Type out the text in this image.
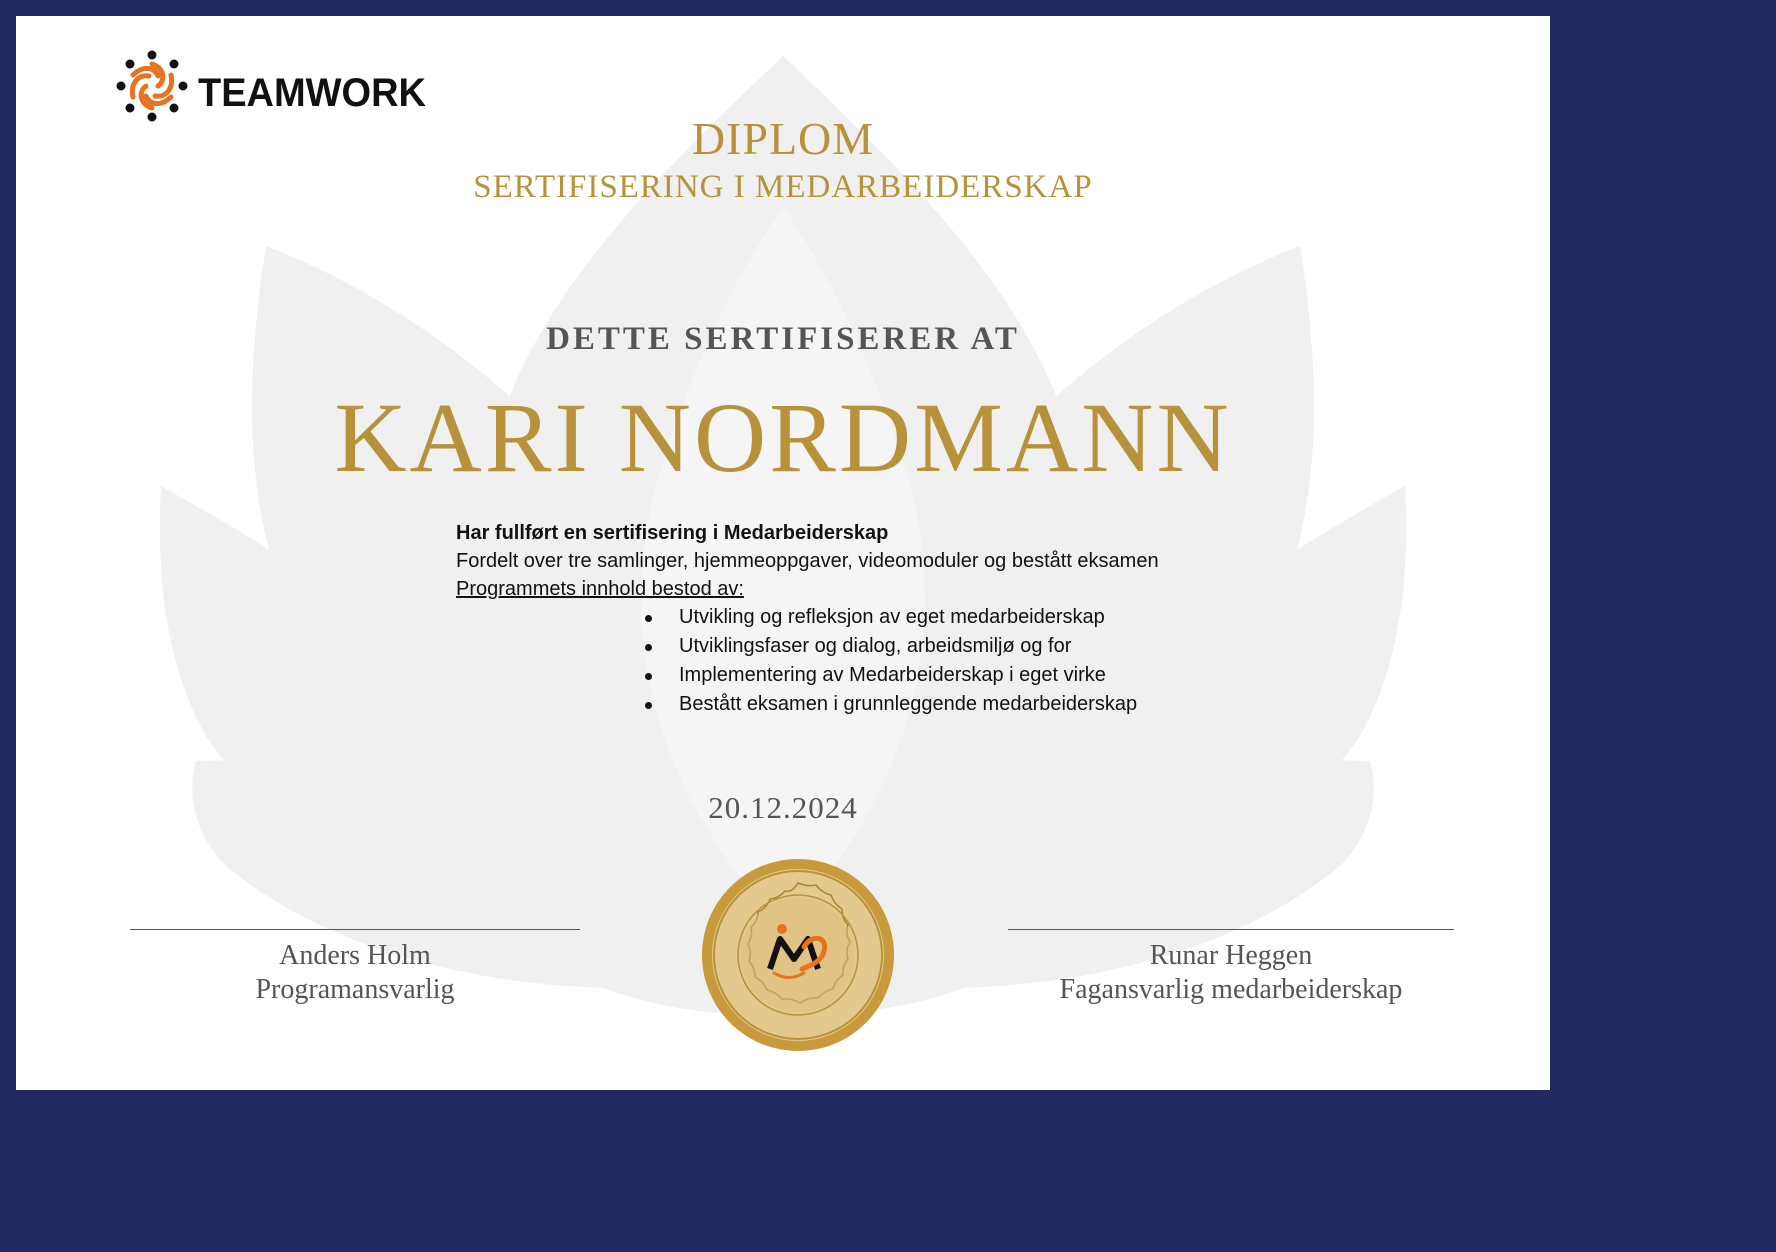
TEAMWORK
DIPLOM
SERTIFISERING I MEDARBEIDERSKAP
DETTE SERTIFISERER AT
KARI NORDMANN
Har fullført en sertifisering i Medarbeiderskap
Fordelt over tre samlinger, hjemmeoppgaver, videomoduler og bestått eksamen
Programmets innhold bestod av:
Utvikling og refleksjon av eget medarbeiderskap
Utviklingsfaser og dialog, arbeidsmiljø og for
Implementering av Medarbeiderskap i eget virke
Bestått eksamen i grunnleggende medarbeiderskap
20.12.2024
Anders Holm
Programansvarlig
Runar Heggen
Fagansvarlig medarbeiderskap
